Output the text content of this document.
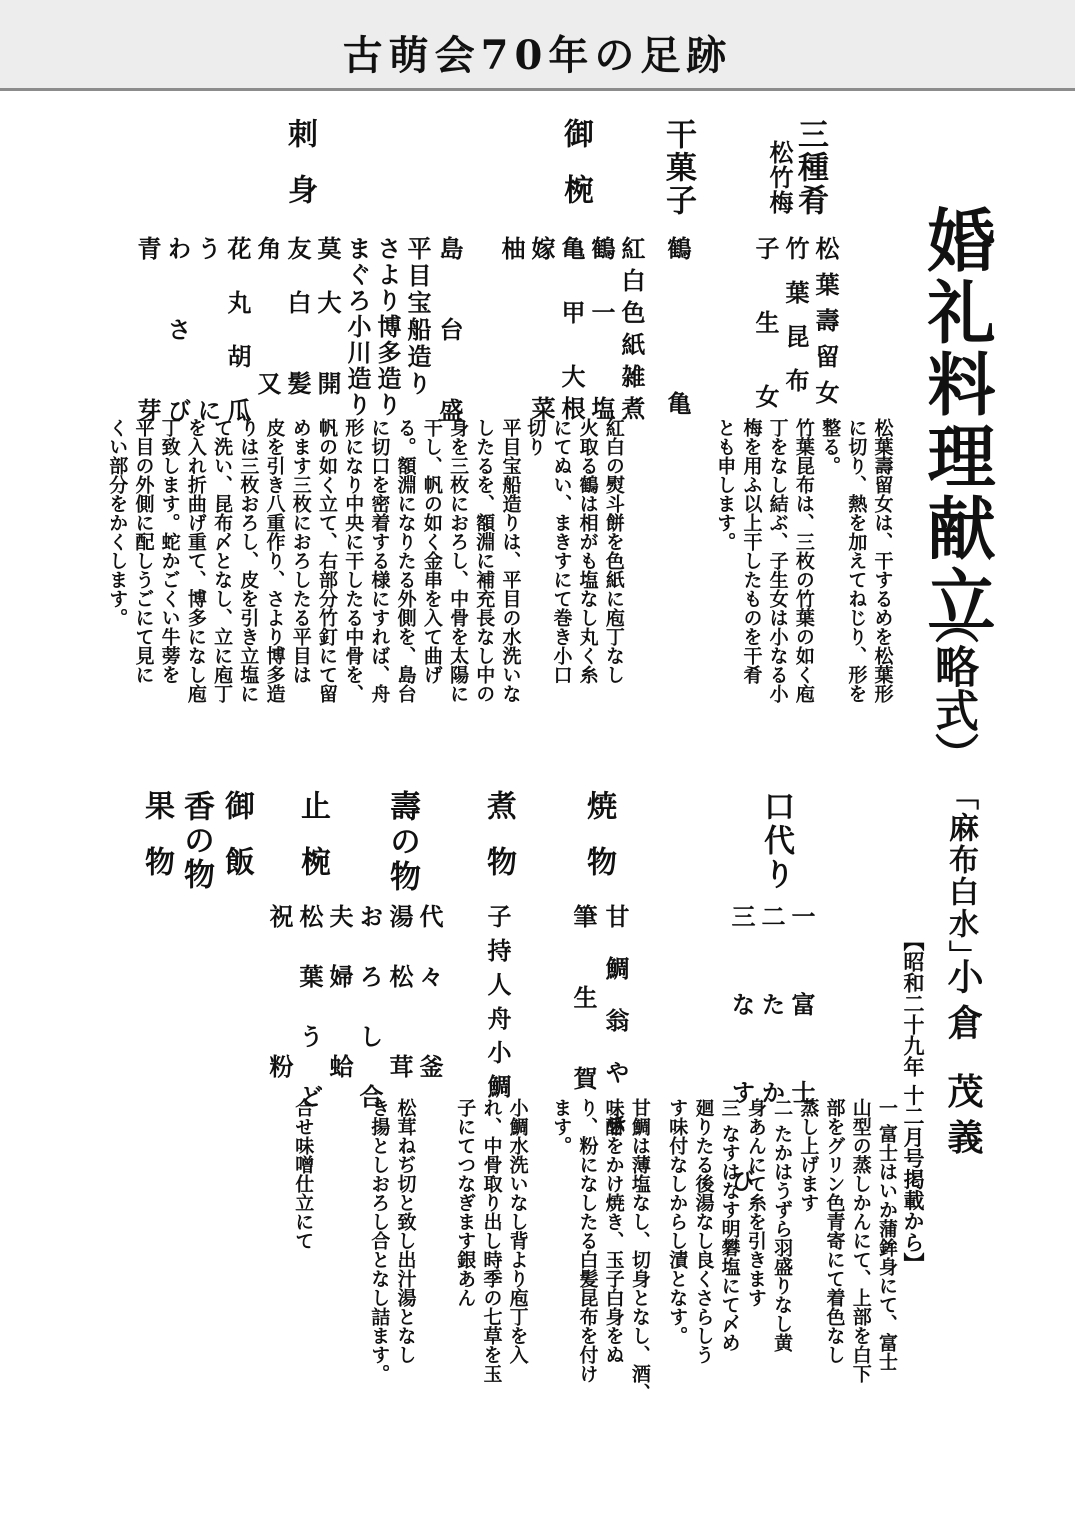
古萌会70年の足跡
婚礼料理献立
（略式）
「麻布白水」
【昭和二十九年 十二月号掲載から】 小倉 茂義
三種肴
松竹梅
松葉壽留女
竹葉昆布
子生女
松葉壽留女は、干するめを松葉形
に切り、熱を加えてねじり、形を
整る。
竹葉昆布は、三枚の竹葉の如く庖
丁をなし結ぶ、子生女は小なる小
梅を用ふ以上干したものを干肴
とも申します。
干菓子
鶴　　　　亀
御椀
紅白色紙雑煮
鶴　一　　塩
亀　甲　大根
嫁　　　　菜
柚
紅白の熨斗餅を色紙に庖丁なし
火取る鶴は相がも塩なし丸く糸
にてぬい、まきすにて巻き小口
切り
刺身
島　　台　　盛
平目宝船造り
さより博多造り
まぐろ小川造り
莫　大　　開
友　白　　髪
角　　　　又
花　丸　胡　瓜
う　　　　　に
わ　　さ　　び
青　　　　　芽
平目宝船造りは、平目の水洗いな
したるを、額淵に補充長なし中の
身を三枚におろし、中骨を太陽に
干し、帆の如く金串を入て曲げ
る。額淵になりたる外側を、島台
に切口を密着する様にすれば、舟
形になり中央に干したる中骨を、
帆の如く立て、右部分竹釘にて留
めます三枚におろしたる平目は
皮を引き八重作り、さより博多造
りは三枚おろし、皮を引き立塩に
て洗い、昆布〆となし、立に庖丁
を入れ折曲げ重て、博多になし庖
丁致します。蛇かごくい牛蒡を
平目の外側に配しうごにて見に
くい部分をかくします。
口代り
一　富　士
二　た　か
三　な　す　び	一 富士はいか蒲鉾身にて、富士
山型の蒸しかんにて、上部を白下
部をグリン色青寄にて着色なし
蒸し上げます
二 たかはうずら羽盛りなし黄
身あんにて糸を引きます
三 なすはなす明礬塩にて〆め
廻りたる後湯なし良くさらしう
す味付なしからし漬となす。
焼物
甘　鯛　翁　や　き
筆　　生　　賀
甘鯛は薄塩なし、切身となし、酒、
味醂をかけ焼き、玉子白身をぬ
り、粉になしたる白髪昆布を付け
ます。
煮物
子持人舟小鯛
小鯛水洗いなし背より庖丁を入
れ、中骨取り出し時季の七草を玉
子にてつなぎます銀あん
壽の物
代　々　　釜
湯　松　　茸
お　ろ　し　合
松茸ねぢ切と致し出汁湯となし
き揚としおろし合となし詰ます。
止椀
夫　婦　　蛤
松　葉　う　ど
祝　　　　粉
合せ味噌仕立にて
御飯
香の物
果物
